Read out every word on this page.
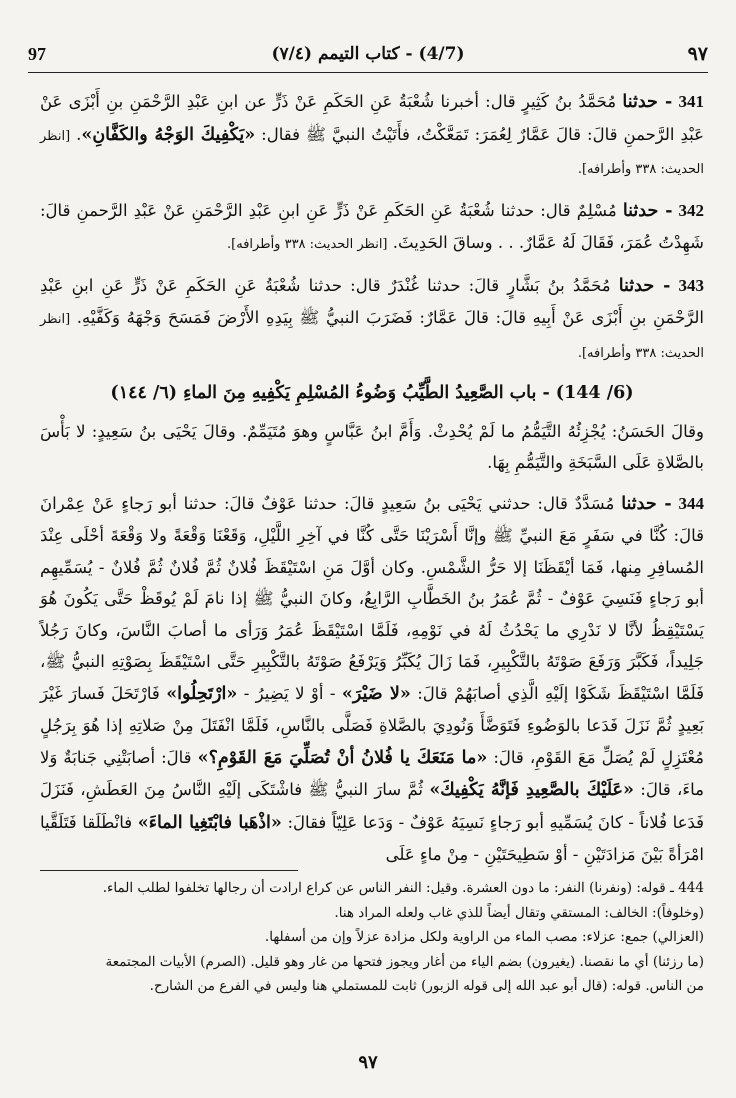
٩٧
(4/7) - كتاب التيمم (٧/٤)
97

341 - حدثنا مُحَمَّدُ بنُ كَثِيرٍ قال: أخبرنا شُعْبَةُ عَنِ الحَكَمِ عَنْ ذَرٍّ عن ابنِ عَبْدِ الرَّحْمَنِ بنِ أَبْزَى عَنْ عَبْدِ الرَّحمنِ قالَ: قالَ عَمَّارٌ لِعُمَرَ: تَمَعَّكْتُ، فأَتَيْتُ النبيَّ ﷺ فقال: «يَكْفِيكَ الوَجْهُ والكَفَّانِ». [انظر الحديث: ٣٣٨ وأطرافه].

342 - حدثنا مُسْلِمٌ قال: حدثنا شُعْبَةُ عَنِ الحَكَمِ عَنْ ذَرٍّ عَنِ ابنِ عَبْدِ الرَّحْمَنِ عَنْ عَبْدِ الرَّحمنِ قالَ: شَهِدْتُ عُمَرَ، فَقَالَ لَهُ عَمَّارٌ. . . وساقَ الحَدِيثَ. [انظر الحديث: ٣٣٨ وأطرافه].

343 - حدثنا مُحَمَّدُ بنُ بَشَّارٍ قالَ: حدثنا غُنْدَرٌ قال: حدثنا شُعْبَةُ عَنِ الحَكَمِ عَنْ ذَرٍّ عَنِ ابنِ عَبْدِ الرَّحْمَنِ بنِ أَبْزَى عَنْ أَبِيهِ قالَ: قالَ عَمَّارٌ: فَضَرَبَ النبيُّ ﷺ بِيَدِهِ الأَرْضَ فَمَسَحَ وَجْهَهُ وَكَفَّيْهِ. [انظر الحديث: ٣٣٨ وأطرافه].

(6/ 144) - باب الصَّعِيدُ الطَّيِّبُ وَضُوءُ المُسْلِمِ يَكْفِيهِ مِنَ الماءِ (٦/ ١٤٤)

وقالَ الحَسَنُ: يُجْزِئُهُ التَّيَمُّمُ ما لَمْ يُحْدِثْ. وَأَمَّ ابنُ عَبَّاسٍ وهوَ مُتَيَمِّمٌ. وقالَ يَحْيَى بنُ سَعِيدٍ: لا بَأْسَ بالصَّلاةِ عَلَى السَّبَخَةِ والتَّيَمُّمِ بِهَا.

344 - حدثنا مُسَدَّدٌ قال: حدثني يَحْيَى بنُ سَعِيدٍ قالَ: حدثنا عَوْفٌ قالَ: حدثنا أبو رَجاءٍ عَنْ عِمْرانَ قالَ: كُنَّا في سَفَرٍ مَعَ النبيِّ ﷺ وإنَّا أَسْرَيْنَا حَتَّى كُنَّا في آخِرِ اللَّيْلِ، وَقَعْنَا وَقْعَةً ولا وَقْعَةَ أحْلَى عِنْدَ المُسافِرِ مِنها، فَمَا أيْقَظَنَا إلا حَرُّ الشَّمْسِ. وكان أوَّلَ مَنِ اسْتَيْقَظَ فُلانٌ ثُمَّ فُلانٌ ثُمَّ فُلانٌ - يُسَمِّيهِم أبو رَجاءٍ فَنَسِيَ عَوْفٌ - ثُمَّ عُمَرُ بنُ الخَطَّابِ الرَّابِعُ، وكانَ النبيُّ ﷺ إذا نامَ لَمْ يُوقَظْ حَتَّى يَكُونَ هُوَ يَسْتَيْقِظُ لأنَّا لا نَدْرِي ما يَحْدُثُ لَهُ في نَوْمِهِ، فَلَمَّا اسْتَيْقَظَ عُمَرُ وَرَأى ما أصابَ النَّاسَ، وكانَ رَجُلاً جَلِيداً، فَكَبَّرَ وَرَفَعَ صَوْتَهُ بالتَّكْبِيرِ، فَمَا زَالَ يُكَبِّرُ وَيَرْفَعُ صَوْتَهُ بالتَّكْبِيرِ حَتَّى اسْتَيْقَظَ بِصَوْتِهِ النبيُّ ﷺ، فَلَمَّا اسْتَيْقَظَ شَكَوْا إلَيْهِ الَّذِي أصابَهُمْ قالَ: «لا ضَيْرَ» - أوْ لا يَضِيرُ - «ارْتَحِلُوا» فَارْتَحَلَ فَسارَ غَيْرَ بَعِيدٍ ثُمَّ نَزَلَ فَدَعا بالوَضُوءِ فَتَوَضَّأَ وَنُودِيَ بالصَّلاةِ فَصَلَّى بالنَّاسِ، فَلَمَّا انْفَتَلَ مِنْ صَلاتِهِ إذا هُوَ بِرَجُلٍ مُعْتَزِلٍ لَمْ يُصَلِّ مَعَ القَوْمِ، قالَ: «ما مَنَعَكَ يا فُلانُ أنْ تُصَلِّيَ مَعَ القَوْمِ؟» قالَ: أصابَتْنِي جَنابَةٌ وَلا ماءَ، قالَ: «عَلَيْكَ بالصَّعِيدِ فَإنَّهُ يَكْفِيكَ» ثُمَّ سارَ النبيُّ ﷺ فاشْتَكَى إلَيْهِ النَّاسُ مِنَ العَطَشِ، فَنَزَلَ فَدَعا فُلاناً - كانَ يُسَمِّيهِ أبو رَجاءٍ نَسِيَهُ عَوْفٌ - وَدَعا عَلِيّاً فقالَ: «اذْهَبا فابْتَغِيا الماءَ» فانْطَلَقا فَتَلَقَّيا امْرَأةً بَيْنَ مَزادَتَيْنِ - أوْ سَطِيحَتَيْنِ - مِنْ ماءٍ عَلَى

444 ـ قوله: (ونفرنا) النفر: ما دون العشرة. وقيل: النفر الناس عن كراع ارادت أن رجالها تخلفوا لطلب الماء.

(وخلوفاً): الخالف: المستقي وتقال أيضاً للذي غاب ولعله المراد هنا.

(العزالي) جمع: عزلاء: مصب الماء من الراوية ولكل مزادة عزلاً وإن من أسفلها.

(ما رزئنا) أي ما نقصنا. (يغيرون) بضم الياء من أغار ويجوز فتحها من غار وهو قليل. (الصرم) الأبيات المجتمعة

من الناس. قوله: (قال أبو عبد الله إلى قوله الزبور) ثابت للمستملي هنا وليس في الفرع من الشارح.

٩٧
